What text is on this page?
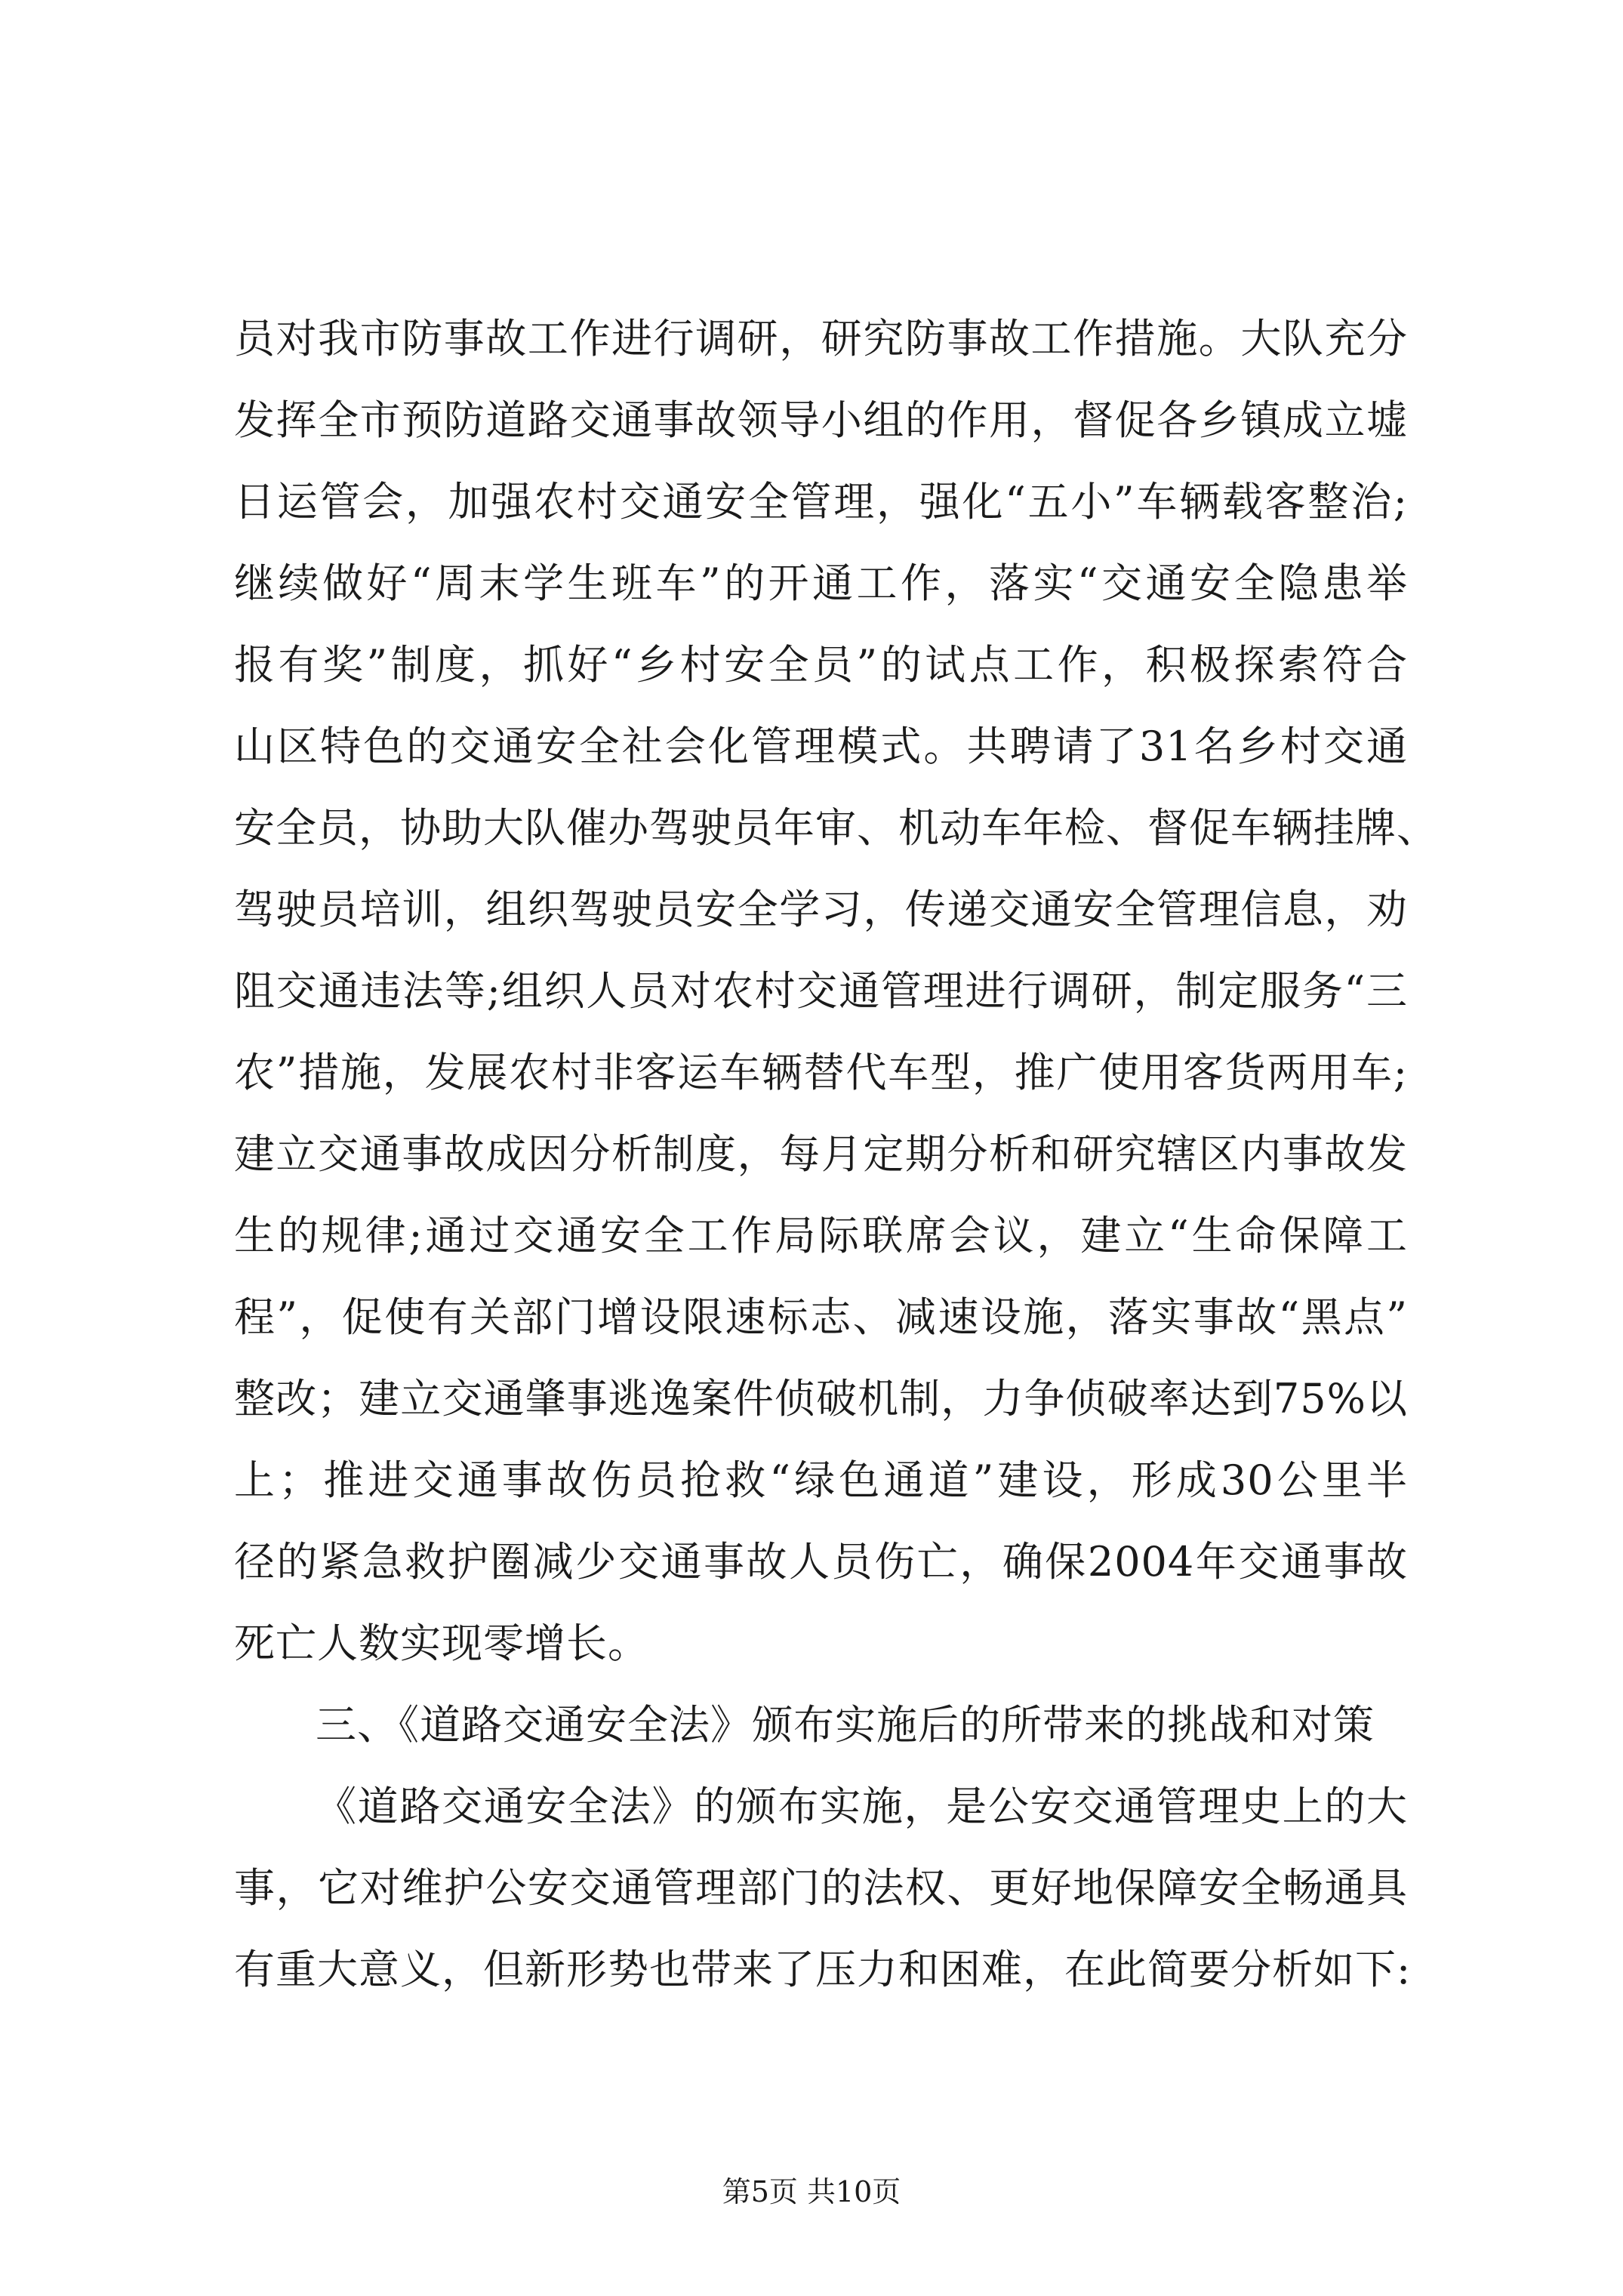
员对我市防事故工作进行调研，研究防事故工作措施。大队充分
发挥全市预防道路交通事故领导小组的作用，督促各乡镇成立墟
日运管会，加强农村交通安全管理，强化“五小”车辆载客整治;
继续做好“周末学生班车”的开通工作，落实“交通安全隐患举
报有奖”制度，抓好“乡村安全员”的试点工作，积极探索符合
山区特色的交通安全社会化管理模式。共聘请了31名乡村交通
安全员，协助大队催办驾驶员年审、机动车年检、督促车辆挂牌、
驾驶员培训，组织驾驶员安全学习，传递交通安全管理信息，劝
阻交通违法等;组织人员对农村交通管理进行调研，制定服务“三
农”措施，发展农村非客运车辆替代车型，推广使用客货两用车;
建立交通事故成因分析制度，每月定期分析和研究辖区内事故发
生的规律;通过交通安全工作局际联席会议，建立“生命保障工
程”，促使有关部门增设限速标志、减速设施，落实事故“黑点”
整改；建立交通肇事逃逸案件侦破机制，力争侦破率达到75%以
上；推进交通事故伤员抢救“绿色通道”建设，形成30公里半
径的紧急救护圈减少交通事故人员伤亡，确保2004年交通事故
死亡人数实现零增长。
三、《道路交通安全法》颁布实施后的所带来的挑战和对策
《道路交通安全法》的颁布实施，是公安交通管理史上的大
事，它对维护公安交通管理部门的法权、更好地保障安全畅通具
有重大意义，但新形势也带来了压力和困难，在此简要分析如下:
第5页 共10页
